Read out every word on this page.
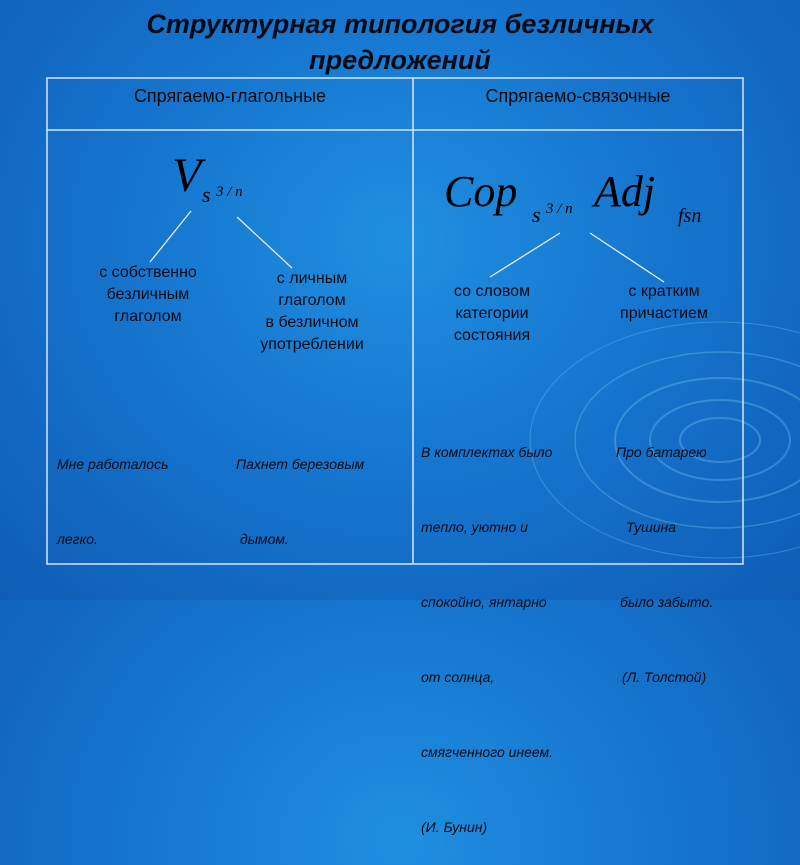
Структурная типология безличных
предложений
Спрягаемо-глагольные	Спрягаемо-связочные
V s 3 / n	Cop s 3 / n Adj fsn
с собственно
безличным
глаголом
с личным
глаголом
в безличном
употреблении
со словом
категории
состояния
с кратким
причастием

Мне работалось

легко.

Пахнет березовым

дымом.

В комплектах было

тепло, уютно и

спокойно, янтарно

от солнца,

смягченного инеем.

(И. Бунин)

Про батарею

Тушина

было забыто.

(Л. Толстой)
